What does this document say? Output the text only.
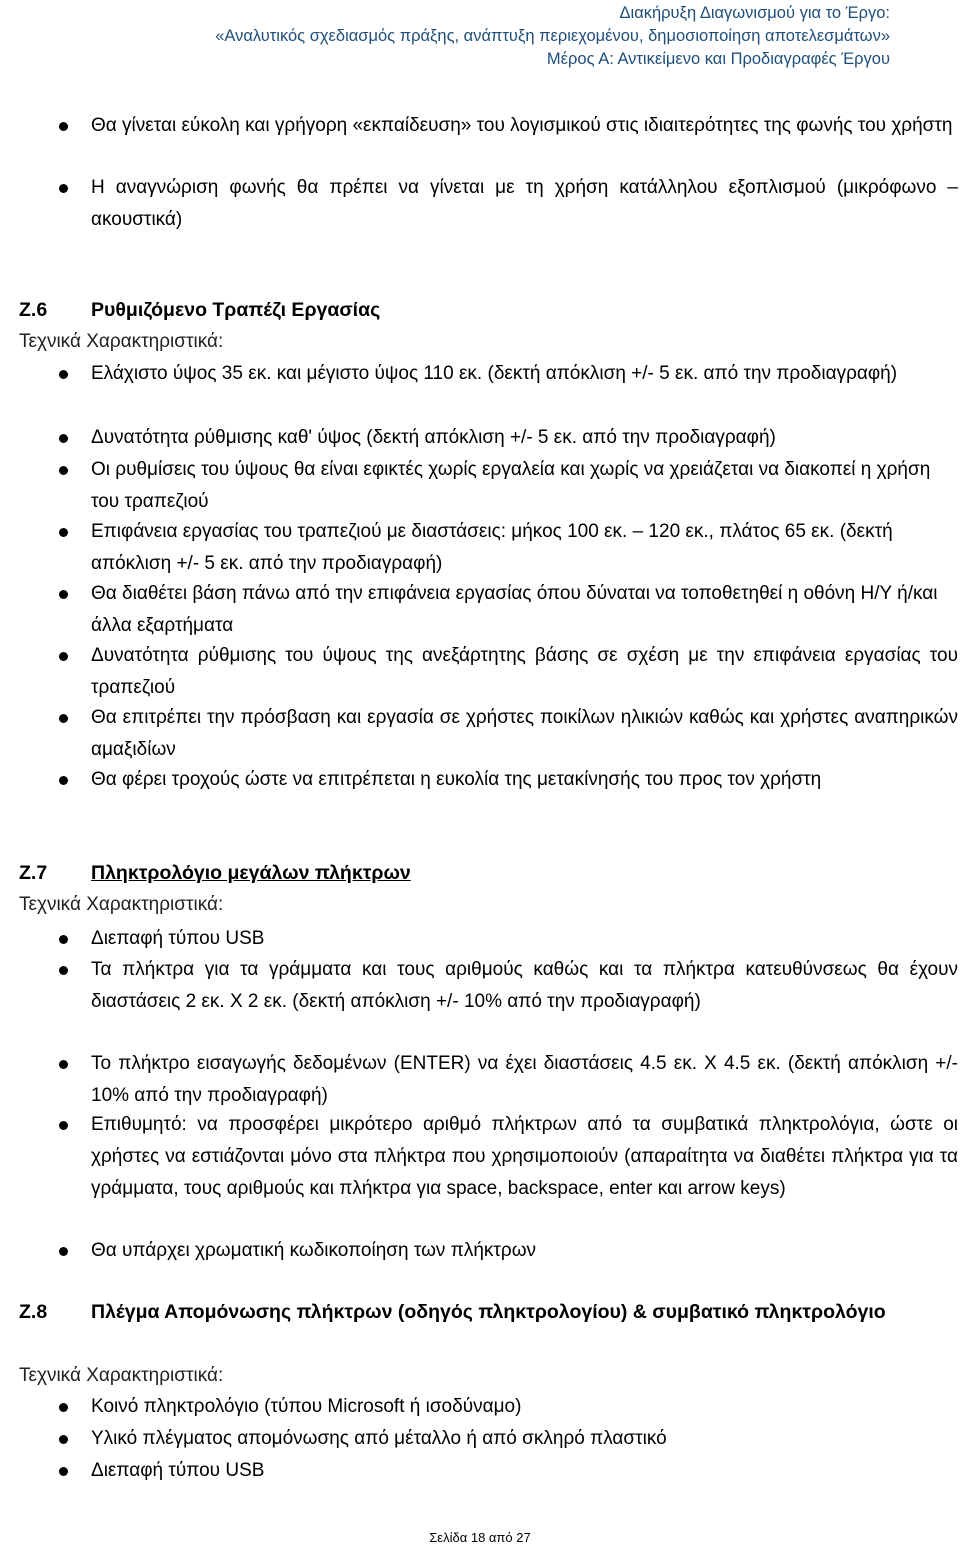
Διακήρυξη Διαγωνισμού για το Έργο:
«Αναλυτικός σχεδιασμός πράξης, ανάπτυξη περιεχομένου, δημοσιοποίηση αποτελεσμάτων»
Μέρος Α: Αντικείμενο και Προδιαγραφές Έργου
Θα γίνεται εύκολη και γρήγορη «εκπαίδευση» του λογισμικού στις ιδιαιτερότητες της φωνής του χρήστη
Η αναγνώριση φωνής θα πρέπει να γίνεται με τη χρήση κατάλληλου εξοπλισμού (μικρόφωνο – ακουστικά)
Ζ.6 Ρυθμιζόμενο Τραπέζι Εργασίας
Τεχνικά Χαρακτηριστικά:
Ελάχιστο ύψος 35 εκ. και μέγιστο ύψος 110 εκ. (δεκτή απόκλιση +/- 5 εκ. από την προδιαγραφή)
Δυνατότητα ρύθμισης καθ' ύψος (δεκτή απόκλιση +/- 5 εκ. από την προδιαγραφή)
Οι ρυθμίσεις του ύψους θα είναι εφικτές χωρίς εργαλεία και χωρίς να χρειάζεται να διακοπεί η χρήση του τραπεζιού
Επιφάνεια εργασίας του τραπεζιού με διαστάσεις: μήκος 100 εκ. – 120 εκ., πλάτος 65 εκ. (δεκτή απόκλιση +/- 5 εκ. από την προδιαγραφή)
Θα διαθέτει βάση πάνω από την επιφάνεια εργασίας όπου δύναται να τοποθετηθεί η οθόνη Η/Υ ή/και άλλα εξαρτήματα
Δυνατότητα ρύθμισης του ύψους της ανεξάρτητης βάσης σε σχέση με την επιφάνεια εργασίας του τραπεζιού
Θα επιτρέπει την πρόσβαση και εργασία σε χρήστες ποικίλων ηλικιών καθώς και χρήστες αναπηρικών αμαξιδίων
Θα φέρει τροχούς ώστε να επιτρέπεται η ευκολία της μετακίνησής του προς τον χρήστη
Ζ.7 Πληκτρολόγιο μεγάλων πλήκτρων
Τεχνικά Χαρακτηριστικά:
Διεπαφή τύπου USB
Τα πλήκτρα για τα γράμματα και τους αριθμούς καθώς και τα πλήκτρα κατευθύνσεως θα έχουν διαστάσεις 2 εκ. Χ 2 εκ. (δεκτή απόκλιση +/- 10% από την προδιαγραφή)
Το πλήκτρο εισαγωγής δεδομένων (ENTER) να έχει διαστάσεις 4.5 εκ. Χ 4.5 εκ. (δεκτή απόκλιση +/- 10% από την προδιαγραφή)
Επιθυμητό: να προσφέρει μικρότερο αριθμό πλήκτρων από τα συμβατικά πληκτρολόγια, ώστε οι χρήστες να εστιάζονται μόνο στα πλήκτρα που χρησιμοποιούν (απαραίτητα να διαθέτει πλήκτρα για τα γράμματα, τους αριθμούς και πλήκτρα για space, backspace, enter και arrow keys)
Θα υπάρχει χρωματική κωδικοποίηση των πλήκτρων
Ζ.8 Πλέγμα Απομόνωσης πλήκτρων (οδηγός πληκτρολογίου) & συμβατικό πληκτρολόγιο
Τεχνικά Χαρακτηριστικά:
Κοινό πληκτρολόγιο (τύπου Microsoft ή ισοδύναμο)
Υλικό πλέγματος απομόνωσης από μέταλλο ή από σκληρό πλαστικό
Διεπαφή τύπου USB
Σελίδα 18 από 27
